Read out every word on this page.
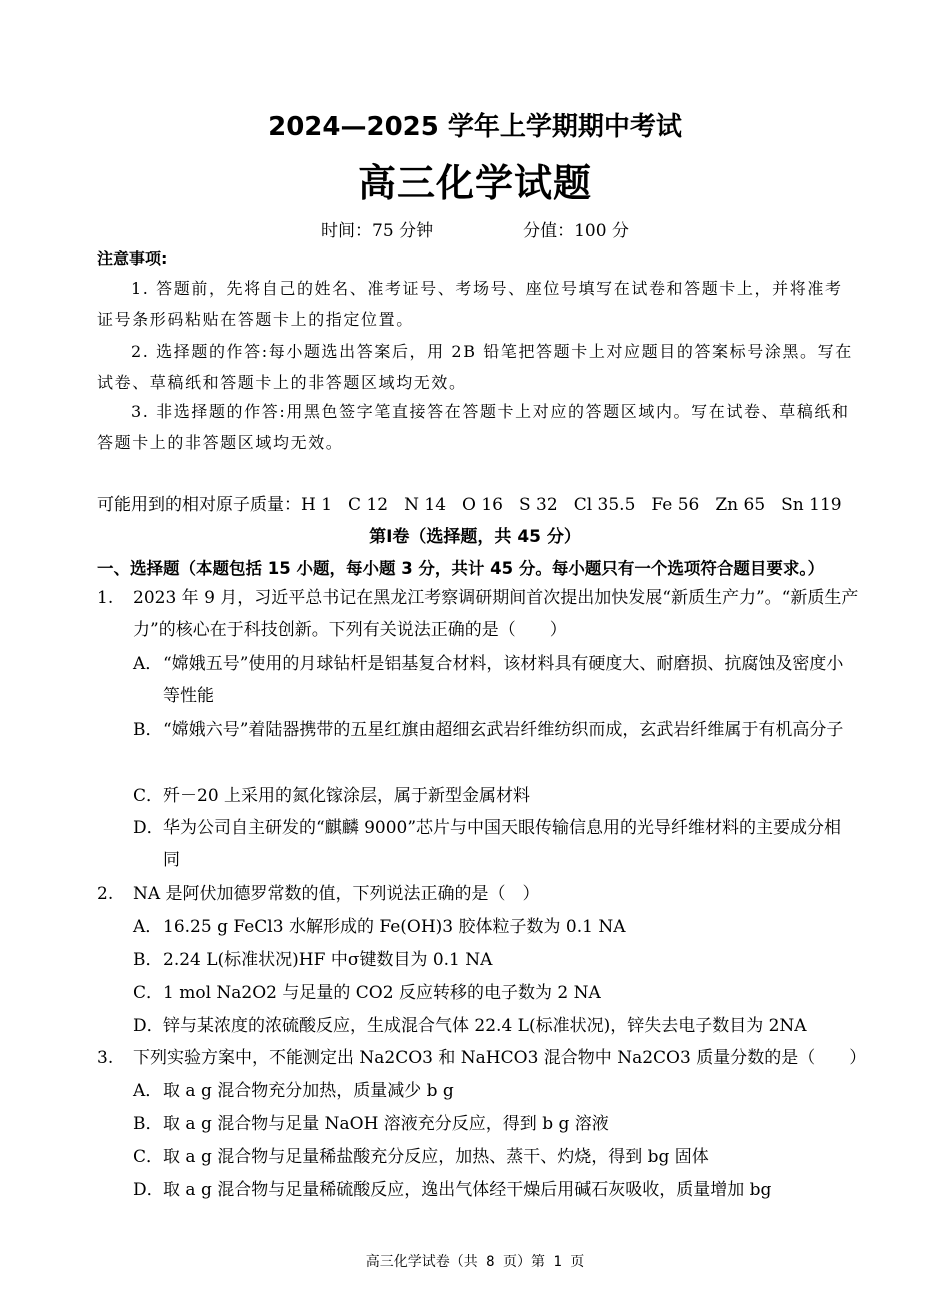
2024—2025 学年上学期期中考试
高三化学试题
时间：75 分钟	分值：100 分
注意事项:
1. 答题前，先将自己的姓名、准考证号、考场号、座位号填写在试卷和答题卡上，并将准考证号条形码粘贴在答题卡上的指定位置。
2. 选择题的作答:每小题选出答案后，用 2B 铅笔把答题卡上对应题目的答案标号涂黑。写在试卷、草稿纸和答题卡上的非答题区域均无效。
3. 非选择题的作答:用黑色签字笔直接答在答题卡上对应的答题区域内。写在试卷、草稿纸和答题卡上的非答题区域均无效。
可能用到的相对原子质量：H 1 C 12 N 14 O 16 S 32 Cl 35.5 Fe 56 Zn 65 Sn 119
第Ⅰ卷（选择题，共 45 分）
一、选择题（本题包括 15 小题，每小题 3 分，共计 45 分。每小题只有一个选项符合题目要求。）
1. 2023 年 9 月，习近平总书记在黑龙江考察调研期间首次提出加快发展“新质生产力”。“新质生产力”的核心在于科技创新。下列有关说法正确的是（　　）
A． “嫦娥五号”使用的月球钻杆是铝基复合材料，该材料具有硬度大、耐磨损、抗腐蚀及密度小等性能
B． “嫦娥六号”着陆器携带的五星红旗由超细玄武岩纤维纺织而成，玄武岩纤维属于有机高分子
C． 歼－20 上采用的氮化镓涂层，属于新型金属材料
D． 华为公司自主研发的“麒麟 9000”芯片与中国天眼传输信息用的光导纤维材料的主要成分相同
2. NA 是阿伏加德罗常数的值，下列说法正确的是（　）
A． 16.25 g FeCl3 水解形成的 Fe(OH)3 胶体粒子数为 0.1 NA
B． 2.24 L(标准状况)HF 中σ键数目为 0.1 NA
C． 1 mol Na2O2 与足量的 CO2 反应转移的电子数为 2 NA
D． 锌与某浓度的浓硫酸反应，生成混合气体 22.4 L(标准状况)，锌失去电子数目为 2NA
3. 下列实验方案中，不能测定出 Na2CO3 和 NaHCO3 混合物中 Na2CO3 质量分数的是（　　）
A． 取 a g 混合物充分加热，质量减少 b g
B． 取 a g 混合物与足量 NaOH 溶液充分反应，得到 b g 溶液
C． 取 a g 混合物与足量稀盐酸充分反应，加热、蒸干、灼烧，得到 bg 固体
D． 取 a g 混合物与足量稀硫酸反应，逸出气体经干燥后用碱石灰吸收，质量增加 bg
高三化学试卷（共 8 页）第 1 页
